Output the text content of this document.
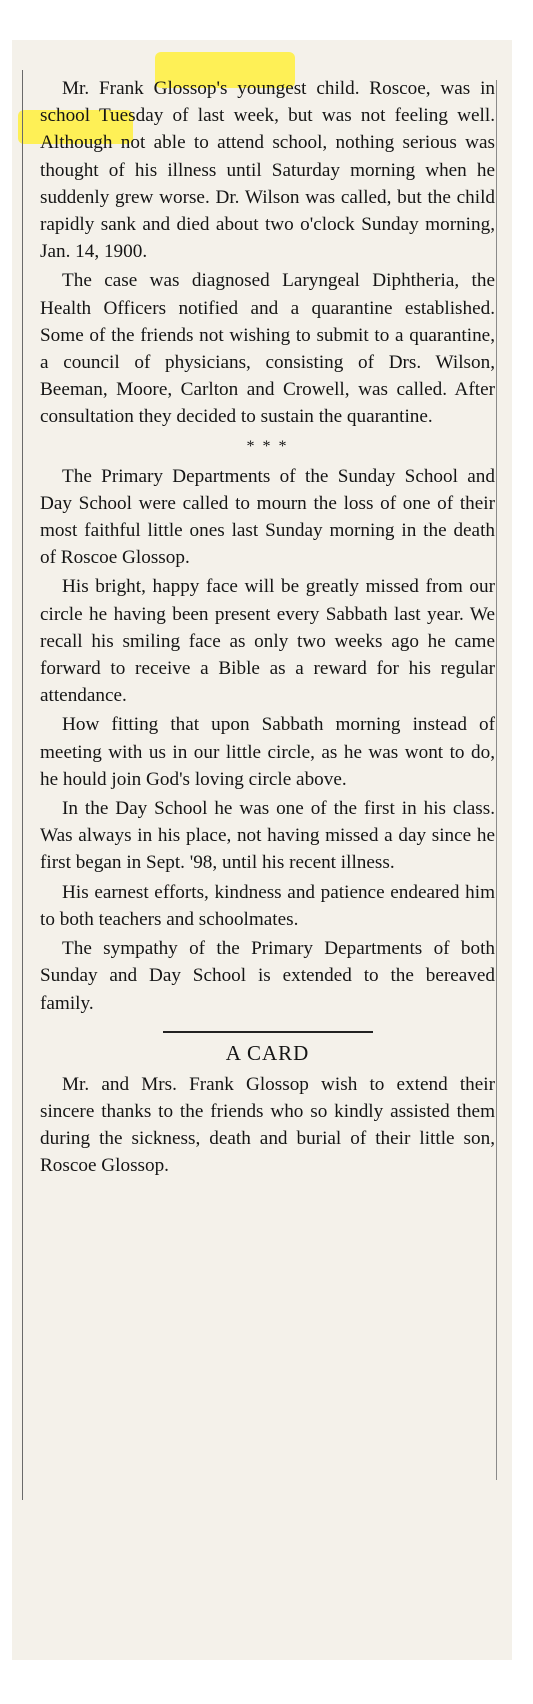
Mr. Frank Glossop's youngest child. Roscoe, was in school Tuesday of last week, but was not feeling well. Although not able to attend school, nothing serious was thought of his illness until Saturday morning when he suddenly grew worse. Dr. Wilson was called, but the child rapidly sank and died about two o'clock Sunday morning, Jan. 14, 1900.

The case was diagnosed Laryngeal Diphtheria, the Health Officers notified and a quarantine established. Some of the friends not wishing to submit to a quarantine, a council of physicians, consisting of Drs. Wilson, Beeman, Moore, Carlton and Crowell, was called. After consultation they decided to sustain the quarantine.

* * *

The Primary Departments of the Sunday School and Day School were called to mourn the loss of one of their most faithful little ones last Sunday morning in the death of Roscoe Glossop.

His bright, happy face will be greatly missed from our circle he having been present every Sabbath last year. We recall his smiling face as only two weeks ago he came forward to receive a Bible as a reward for his regular attendance.

How fitting that upon Sabbath morning instead of meeting with us in our little circle, as he was wont to do, he hould join God's loving circle above.

In the Day School he was one of the first in his class. Was always in his place, not having missed a day since he first began in Sept. '98, until his recent illness.

His earnest efforts, kindness and patience endeared him to both teachers and schoolmates.

The sympathy of the Primary Departments of both Sunday and Day School is extended to the bereaved family.

A CARD

Mr. and Mrs. Frank Glossop wish to extend their sincere thanks to the friends who so kindly assisted them during the sickness, death and burial of their little son, Roscoe Glossop.
